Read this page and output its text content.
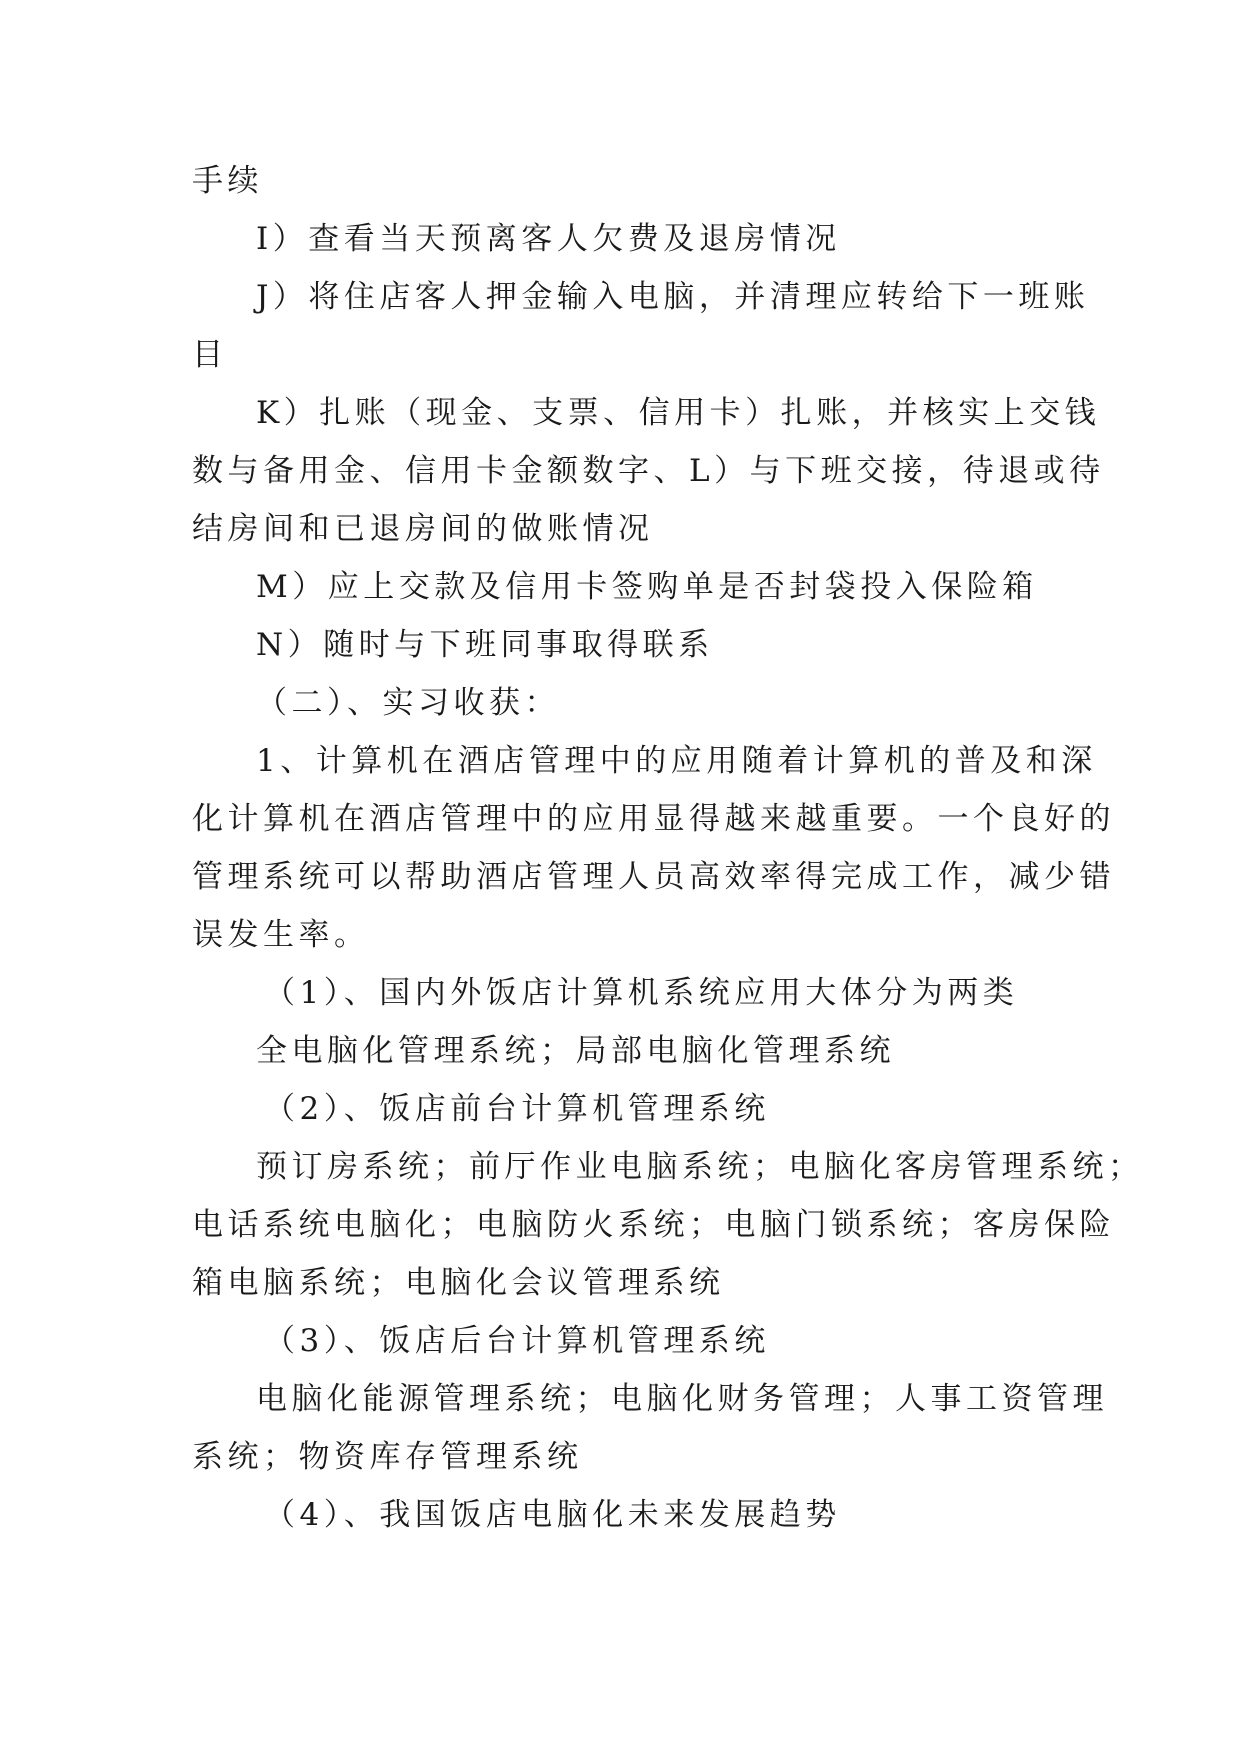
手续
I）查看当天预离客人欠费及退房情况
J）将住店客人押金输入电脑，并清理应转给下一班账
目
K）扎账（现金、支票、信用卡）扎账，并核实上交钱
数与备用金、信用卡金额数字、L）与下班交接，待退或待
结房间和已退房间的做账情况
M）应上交款及信用卡签购单是否封袋投入保险箱
N）随时与下班同事取得联系
（二）、实习收获：
1、计算机在酒店管理中的应用随着计算机的普及和深
化计算机在酒店管理中的应用显得越来越重要。一个良好的
管理系统可以帮助酒店管理人员高效率得完成工作，减少错
误发生率。
（1）、国内外饭店计算机系统应用大体分为两类
全电脑化管理系统；局部电脑化管理系统
（2）、饭店前台计算机管理系统
预订房系统；前厅作业电脑系统；电脑化客房管理系统；
电话系统电脑化；电脑防火系统；电脑门锁系统；客房保险
箱电脑系统；电脑化会议管理系统
（3）、饭店后台计算机管理系统
电脑化能源管理系统；电脑化财务管理；人事工资管理
系统；物资库存管理系统
（4）、我国饭店电脑化未来发展趋势
